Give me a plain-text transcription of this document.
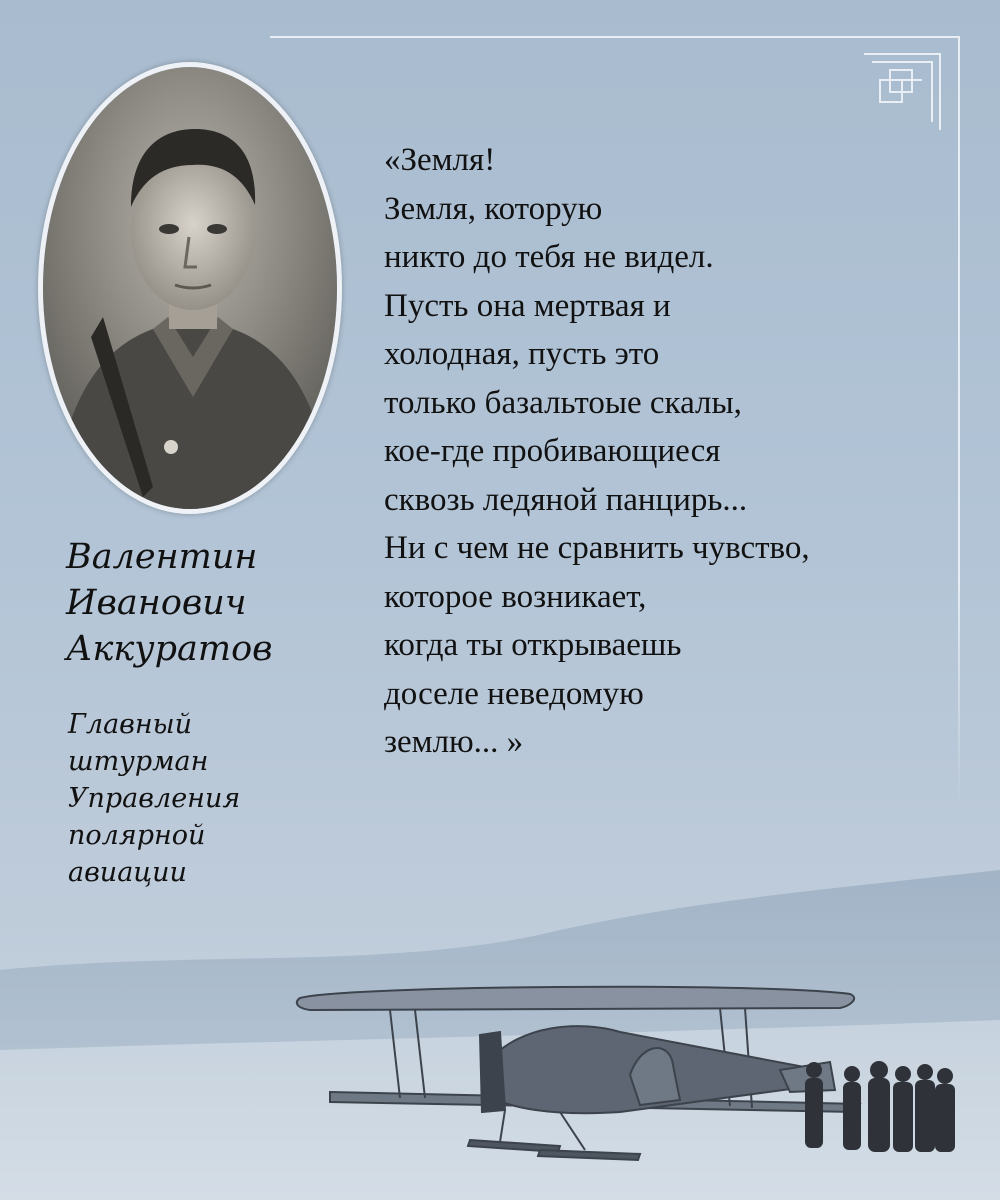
Валентин
Иванович
Аккуратов
Главный
штурман
Управления
полярной
авиации
«Земля!
Земля, которую
никто до тебя не видел.
Пусть она мертвая и
холодная, пусть это
только базальтоые скалы,
кое-где пробивающиеся
сквозь ледяной панцирь...
Ни с чем не сравнить чувство,
которое возникает,
когда ты открываешь
доселе неведомую
землю... »
